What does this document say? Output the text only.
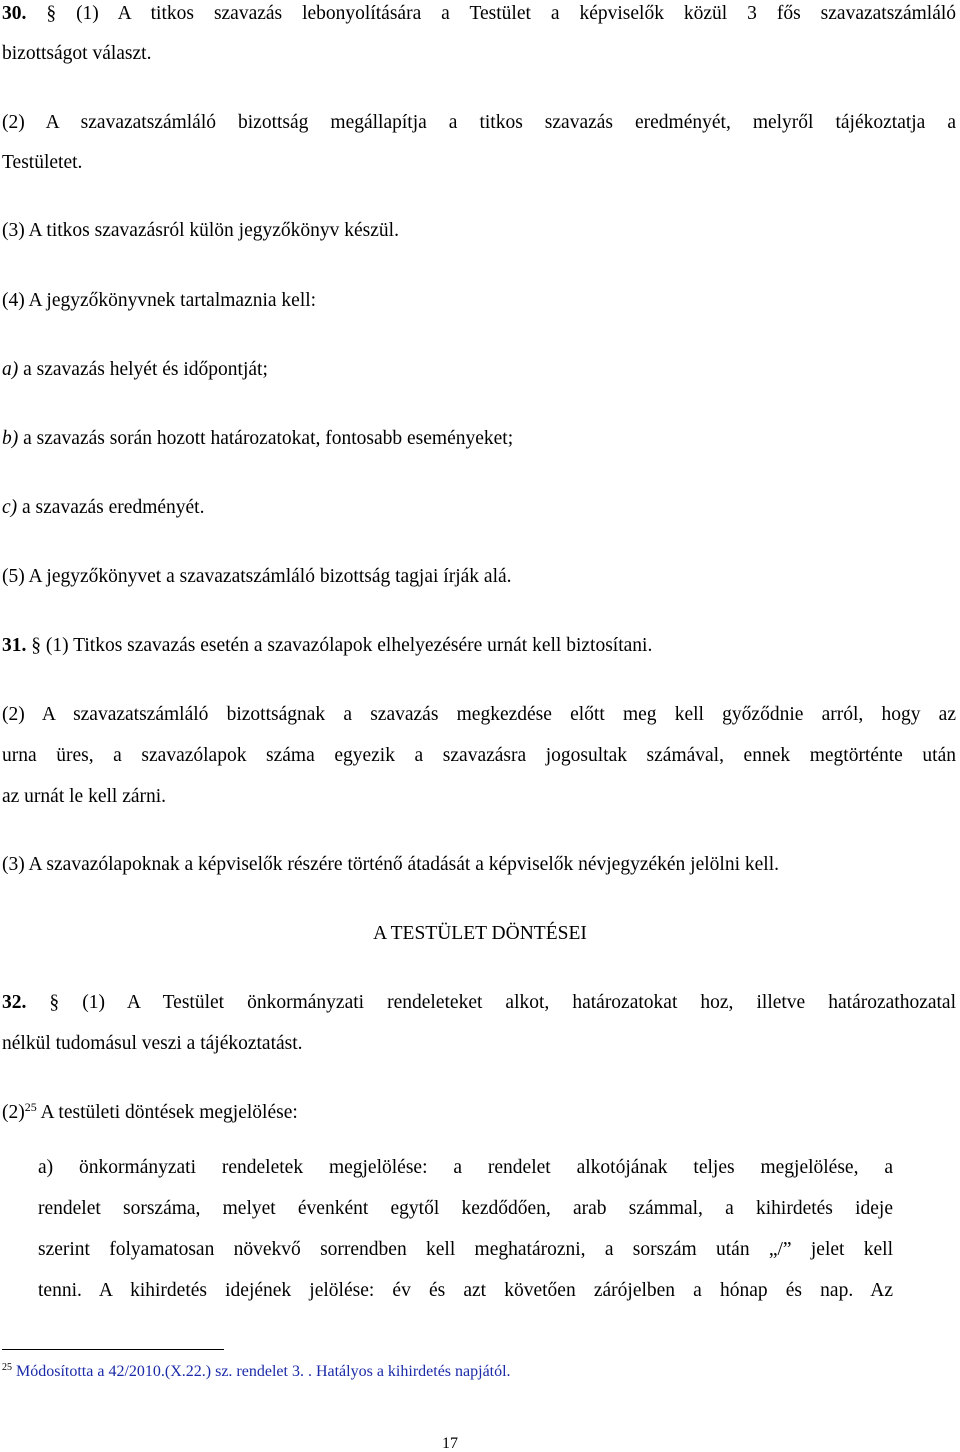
30. § (1) A titkos szavazás lebonyolítására a Testület a képviselők közül 3 fős szavazatszámláló
bizottságot választ.
(2) A szavazatszámláló bizottság megállapítja a titkos szavazás eredményét, melyről tájékoztatja a
Testületet.
(3) A titkos szavazásról külön jegyzőkönyv készül.
(4) A jegyzőkönyvnek tartalmaznia kell:
a) a szavazás helyét és időpontját;
b) a szavazás során hozott határozatokat, fontosabb eseményeket;
c) a szavazás eredményét.
(5) A jegyzőkönyvet a szavazatszámláló bizottság tagjai írják alá.
31. § (1) Titkos szavazás esetén a szavazólapok elhelyezésére urnát kell biztosítani.
(2) A szavazatszámláló bizottságnak a szavazás megkezdése előtt meg kell győződnie arról, hogy az
urna üres, a szavazólapok száma egyezik a szavazásra jogosultak számával, ennek megtörténte után
az urnát le kell zárni.
(3) A szavazólapoknak a képviselők részére történő átadását a képviselők névjegyzékén jelölni kell.
A TESTÜLET DÖNTÉSEI
32. § (1) A Testület önkormányzati rendeleteket alkot, határozatokat hoz, illetve határozathozatal
nélkül tudomásul veszi a tájékoztatást.
$(2)^{25}$ A testületi döntések megjelölése:
a) önkormányzati rendeletek megjelölése: a rendelet alkotójának teljes megjelölése, a
rendelet sorszáma, melyet évenként egytől kezdődően, arab számmal, a kihirdetés ideje
szerint folyamatosan növekvő sorrendben kell meghatározni, a sorszám után „/” jelet kell
tenni. A kihirdetés idejének jelölése: év és azt követően zárójelben a hónap és nap. Az
$^{25}$ Módosította a 42/2010.(X.22.) sz. rendelet 3. . Hatályos a kihirdetés napjától.
17
